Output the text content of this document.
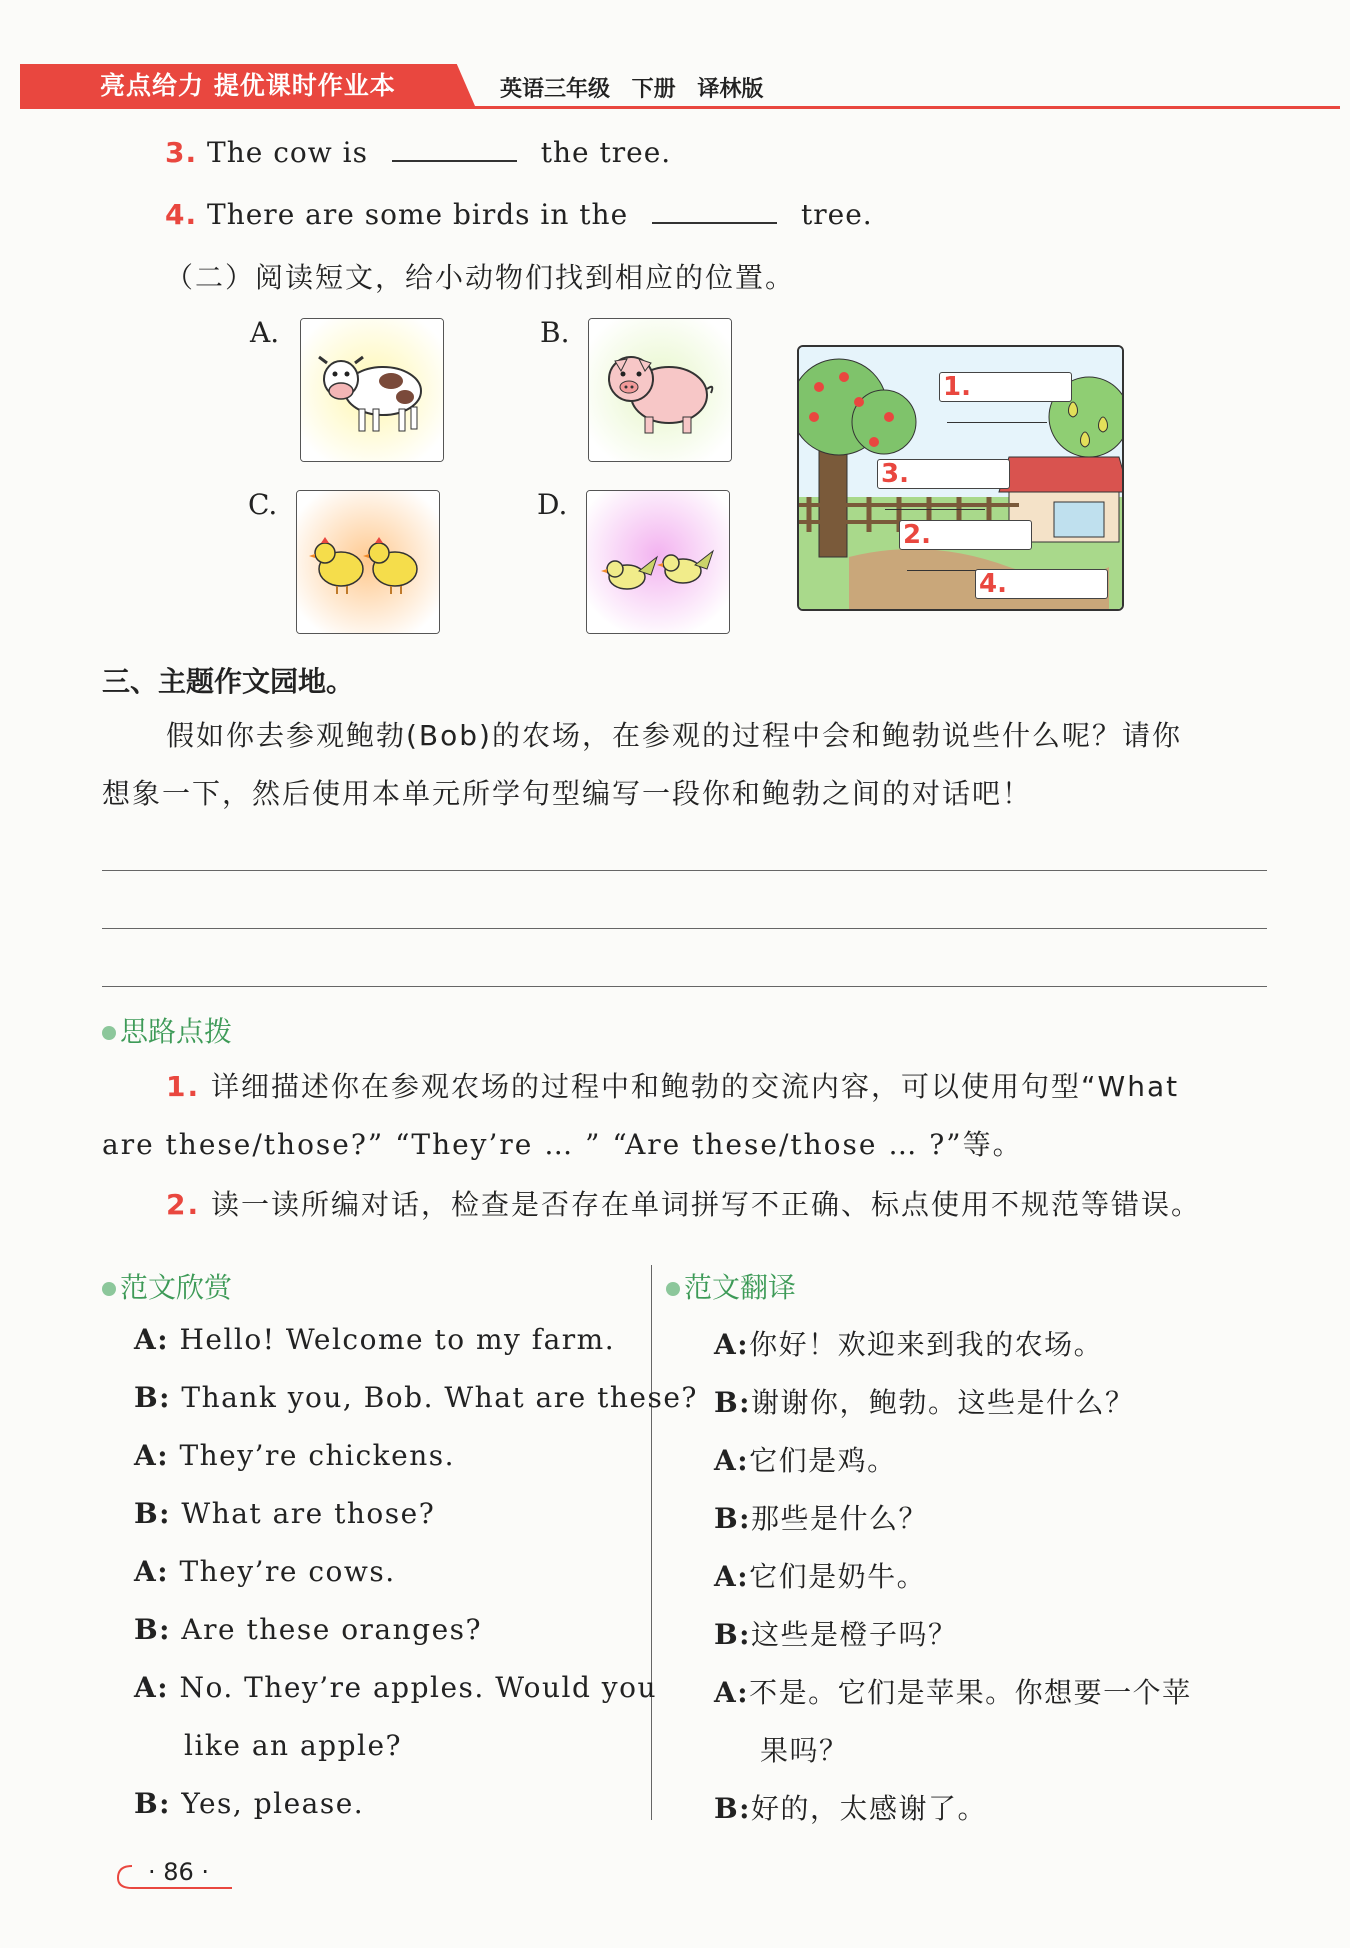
亮点给力 提优课时作业本	英语三年级 下册 译林版
3. The cow is	the tree.
4. There are some birds in the	tree.
（二）阅读短文，给小动物们找到相应的位置。
A.	B.
C.	D.
1.
2.
3.
4.
三、主题作文园地。
假如你去参观鲍勃(Bob)的农场，在参观的过程中会和鲍勃说些什么呢？请你
想象一下，然后使用本单元所学句型编写一段你和鲍勃之间的对话吧！
思路点拨
1. 详细描述你在参观农场的过程中和鲍勃的交流内容，可以使用句型“What
are these/those?” “They’re … ” “Are these/those … ?”等。
2. 读一读所编对话，检查是否存在单词拼写不正确、标点使用不规范等错误。
范文欣赏	范文翻译
A: Hello! Welcome to my farm.
B: Thank you, Bob. What are these?
A: They’re chickens.
B: What are those?
A: They’re cows.
B: Are these oranges?
A: No. They’re apples. Would you
like an apple?
B: Yes, please.
A:你好！欢迎来到我的农场。
B:谢谢你，鲍勃。这些是什么？
A:它们是鸡。
B:那些是什么？
A:它们是奶牛。
B:这些是橙子吗？
A:不是。它们是苹果。你想要一个苹
果吗？
B:好的，太感谢了。
· 86 ·
